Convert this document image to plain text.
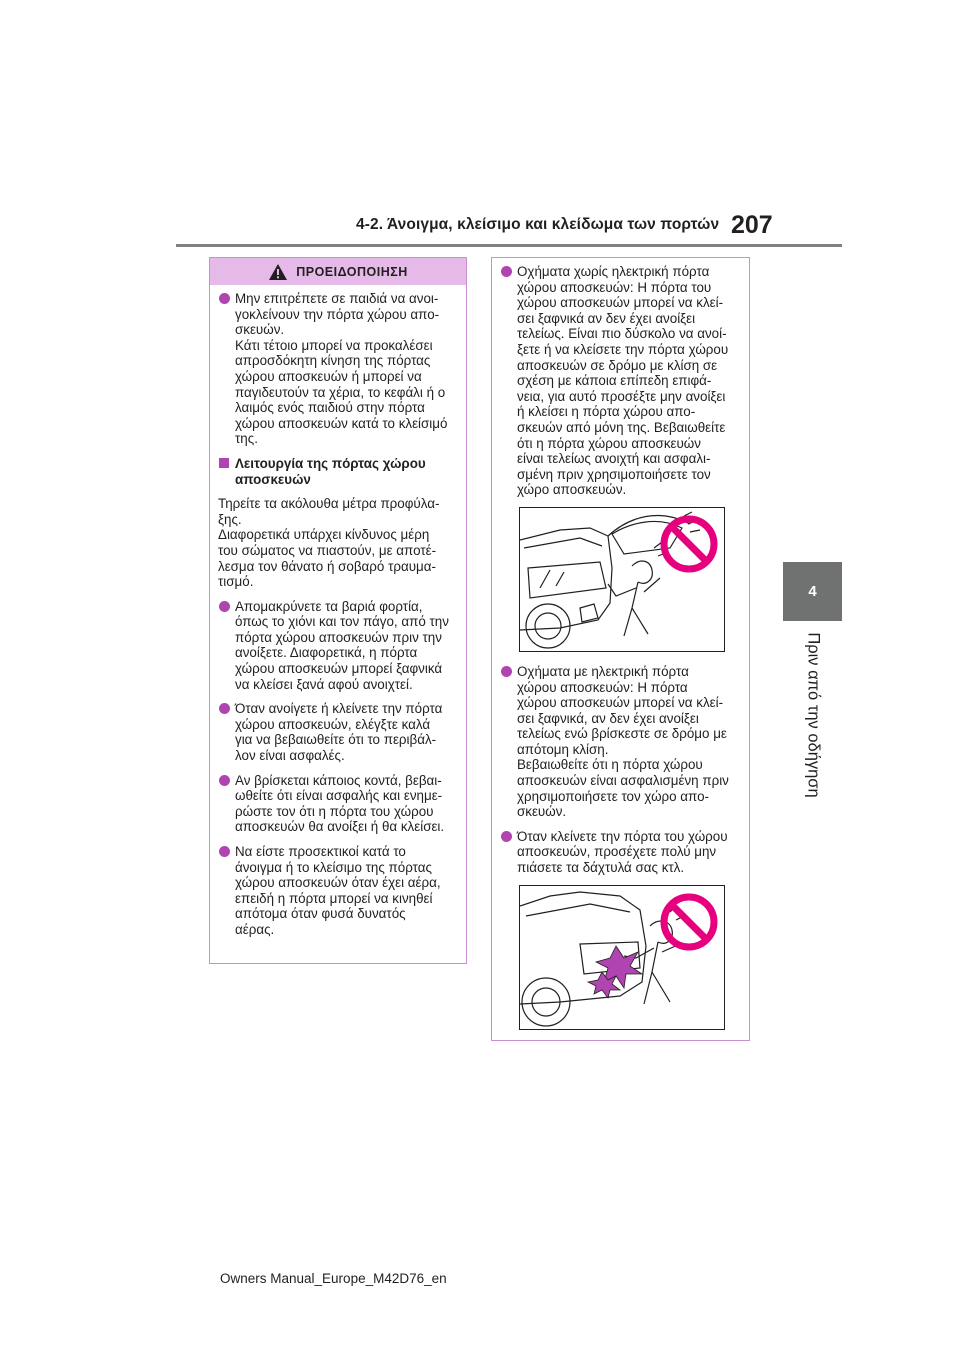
4-2. Άνοιγμα, κλείσιμο και κλείδωμα των πορτών 207
4
Πριν από την οδήγηση
ΠΡΟΕΙΔΟΠΟΙΗΣΗ
Μην επιτρέπετε σε παιδιά να ανοι-
γοκλείνουν την πόρτα χώρου απο-
σκευών.
Κάτι τέτοιο μπορεί να προκαλέσει
απροσδόκητη κίνηση της πόρτας
χώρου αποσκευών ή μπορεί να
παγιδευτούν τα χέρια, το κεφάλι ή ο
λαιμός ενός παιδιού στην πόρτα
χώρου αποσκευών κατά το κλείσιμό
της.
Λειτουργία της πόρτας χώρου
αποσκευών
Τηρείτε τα ακόλουθα μέτρα προφύλα-
ξης.
Διαφορετικά υπάρχει κίνδυνος μέρη
του σώματος να πιαστούν, με αποτέ-
λεσμα τον θάνατο ή σοβαρό τραυμα-
τισμό.
Απομακρύνετε τα βαριά φορτία,
όπως το χιόνι και τον πάγο, από την
πόρτα χώρου αποσκευών πριν την
ανοίξετε. Διαφορετικά, η πόρτα
χώρου αποσκευών μπορεί ξαφνικά
να κλείσει ξανά αφού ανοιχτεί.
Όταν ανοίγετε ή κλείνετε την πόρτα
χώρου αποσκευών, ελέγξτε καλά
για να βεβαιωθείτε ότι το περιβάλ-
λον είναι ασφαλές.
Αν βρίσκεται κάποιος κοντά, βεβαι-
ωθείτε ότι είναι ασφαλής και ενημε-
ρώστε τον ότι η πόρτα του χώρου
αποσκευών θα ανοίξει ή θα κλείσει.
Να είστε προσεκτικοί κατά το
άνοιγμα ή το κλείσιμο της πόρτας
χώρου αποσκευών όταν έχει αέρα,
επειδή η πόρτα μπορεί να κινηθεί
απότομα όταν φυσά δυνατός
αέρας.
Οχήματα χωρίς ηλεκτρική πόρτα
χώρου αποσκευών: Η πόρτα του
χώρου αποσκευών μπορεί να κλεί-
σει ξαφνικά αν δεν έχει ανοίξει
τελείως. Είναι πιο δύσκολο να ανοί-
ξετε ή να κλείσετε την πόρτα χώρου
αποσκευών σε δρόμο με κλίση σε
σχέση με κάποια επίπεδη επιφά-
νεια, για αυτό προσέξτε μην ανοίξει
ή κλείσει η πόρτα χώρου απο-
σκευών από μόνη της. Βεβαιωθείτε
ότι η πόρτα χώρου αποσκευών
είναι τελείως ανοιχτή και ασφαλι-
σμένη πριν χρησιμοποιήσετε τον
χώρο αποσκευών.
Οχήματα με ηλεκτρική πόρτα
χώρου αποσκευών: Η πόρτα
χώρου αποσκευών μπορεί να κλεί-
σει ξαφνικά, αν δεν έχει ανοίξει
τελείως ενώ βρίσκεστε σε δρόμο με
απότομη κλίση.
Βεβαιωθείτε ότι η πόρτα χώρου
αποσκευών είναι ασφαλισμένη πριν
χρησιμοποιήσετε τον χώρο απο-
σκευών.
Όταν κλείνετε την πόρτα του χώρου
αποσκευών, προσέχετε πολύ μην
πιάσετε τα δάχτυλά σας κτλ.
Owners Manual_Europe_M42D76_en
